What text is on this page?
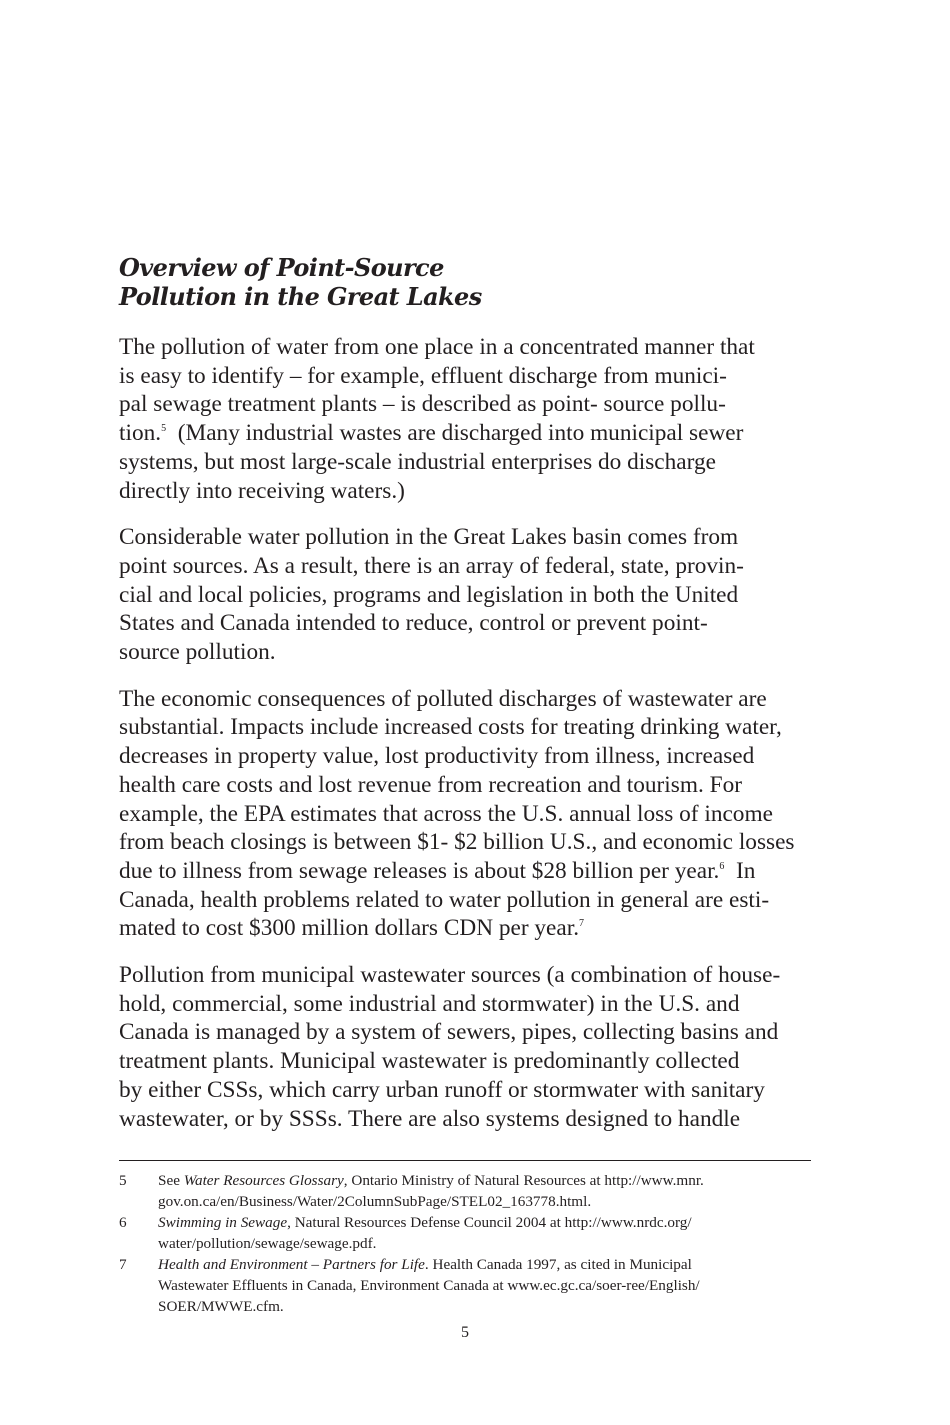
Overview of Point-Source
Pollution in the Great Lakes

The pollution of water from one place in a concentrated manner that
is easy to identify – for example, effluent discharge from munici-
pal sewage treatment plants – is described as point- source pollu-
tion.$^5$  (Many industrial wastes are discharged into municipal sewer
systems, but most large-scale industrial enterprises do discharge
directly into receiving waters.)

Considerable water pollution in the Great Lakes basin comes from
point sources. As a result, there is an array of federal, state, provin-
cial and local policies, programs and legislation in both the United
States and Canada intended to reduce, control or prevent point-
source pollution.

The economic consequences of polluted discharges of wastewater are
substantial. Impacts include increased costs for treating drinking water,
decreases in property value, lost productivity from illness, increased
health care costs and lost revenue from recreation and tourism. For
example, the EPA estimates that across the U.S. annual loss of income
from beach closings is between $1- $2 billion U.S., and economic losses
due to illness from sewage releases is about $28 billion per year.$^6$  In
Canada, health problems related to water pollution in general are esti-
mated to cost $300 million dollars CDN per year.$^7$

Pollution from municipal wastewater sources (a combination of house-
hold, commercial, some industrial and stormwater) in the U.S. and
Canada is managed by a system of sewers, pipes, collecting basins and
treatment plants. Municipal wastewater is predominantly collected
by either CSSs, which carry urban runoff or stormwater with sanitary
wastewater, or by SSSs. There are also systems designed to handle

5 See Water Resources Glossary, Ontario Ministry of Natural Resources at http://www.mnr.
gov.on.ca/en/Business/Water/2ColumnSubPage/STEL02_163778.html.
6 Swimming in Sewage, Natural Resources Defense Council 2004 at http://www.nrdc.org/
water/pollution/sewage/sewage.pdf.
7 Health and Environment – Partners for Life. Health Canada 1997, as cited in Municipal
Wastewater Effluents in Canada, Environment Canada at www.ec.gc.ca/soer-ree/English/
SOER/MWWE.cfm.
5
